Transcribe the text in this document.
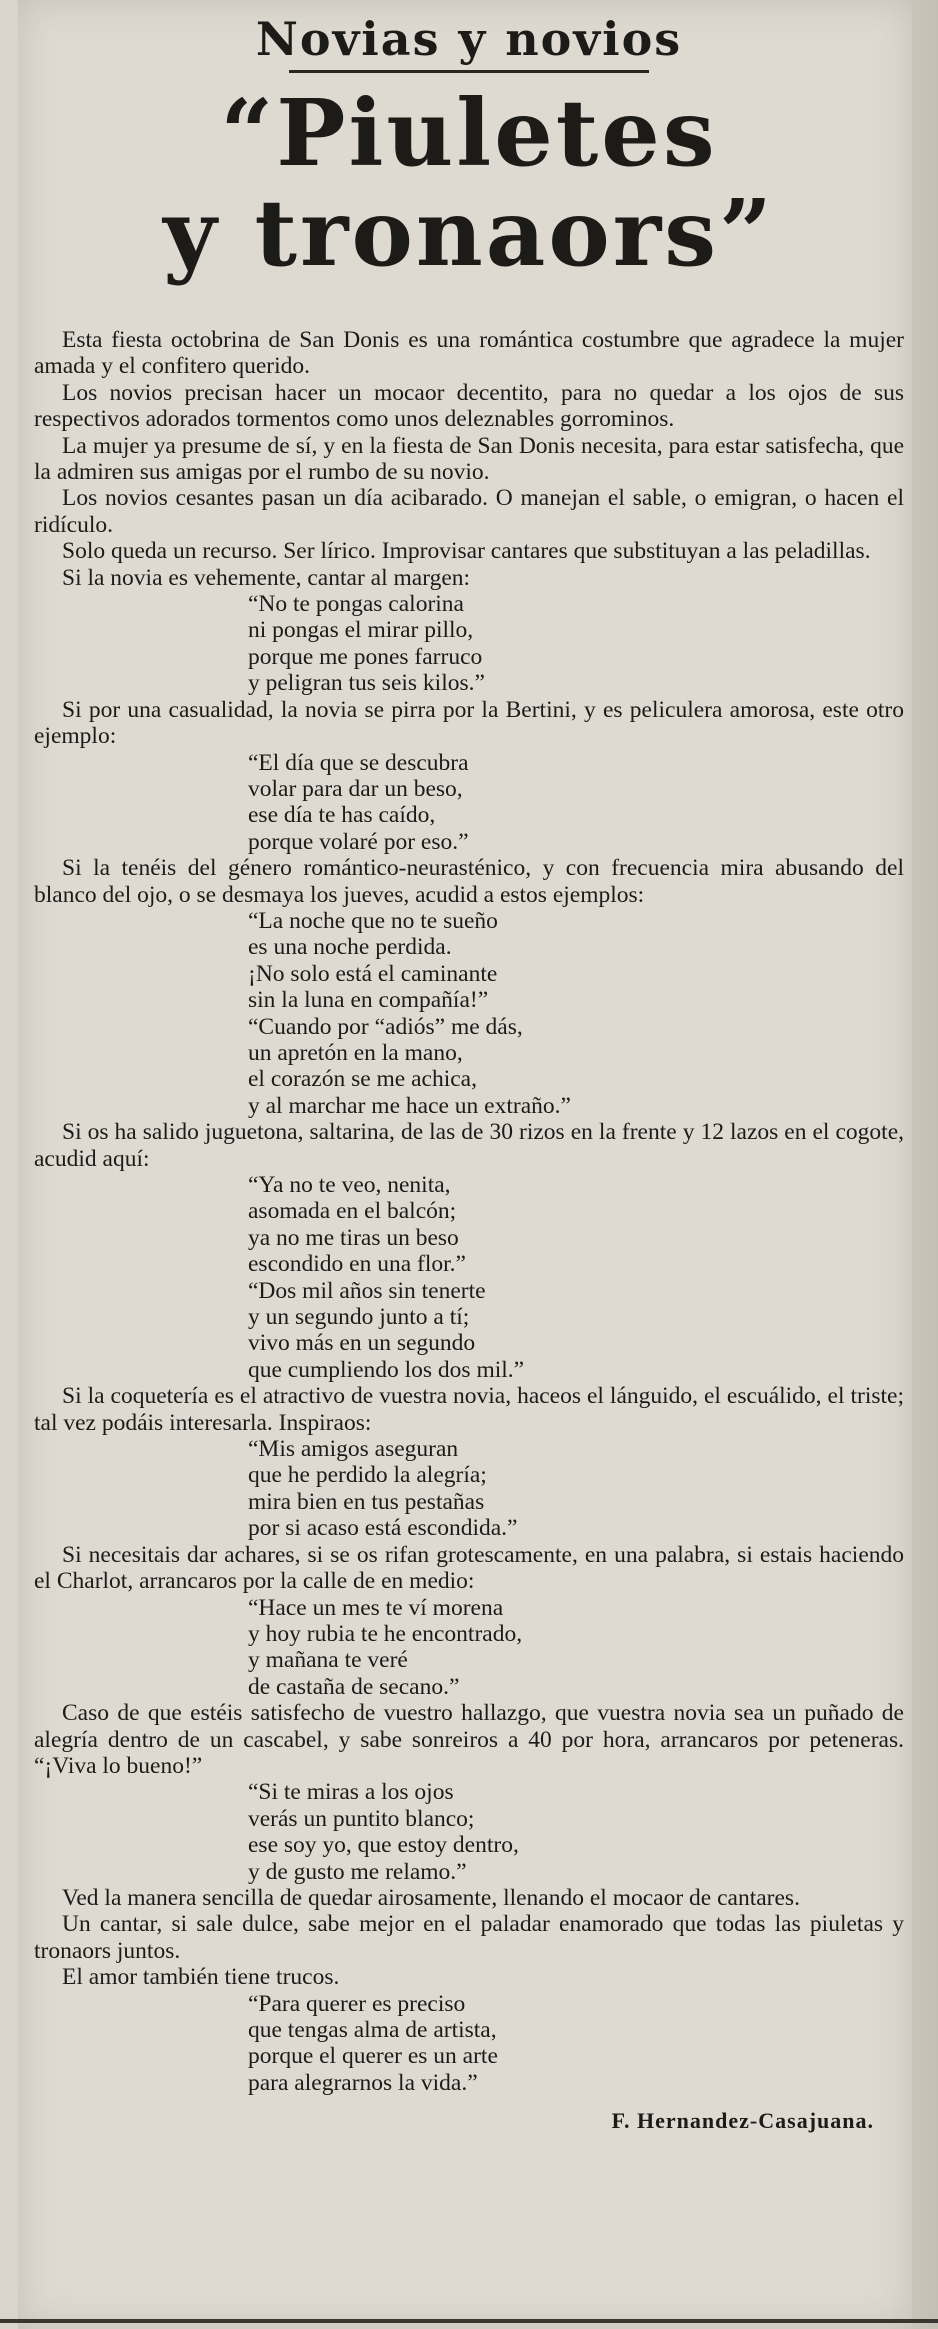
Novias y novios
“Piuletes
y tronaors”

Esta fiesta octobrina de San Donis es una romántica costumbre que agradece la mujer amada y el confitero querido.

Los novios precisan hacer un mocaor decentito, para no quedar a los ojos de sus respectivos adorados tormentos como unos deleznables gorrominos.

La mujer ya presume de sí, y en la fiesta de San Donis necesita, para estar satisfecha, que la admiren sus amigas por el rumbo de su novio.

Los novios cesantes pasan un día acibarado. O manejan el sable, o emigran, o hacen el ridículo.

Solo queda un recurso. Ser lírico. Improvisar cantares que substituyan a las peladillas.

Si la novia es vehemente, cantar al margen:

“No te pongas calorina
ni pongas el mirar pillo,
porque me pones farruco
y peligran tus seis kilos.”

Si por una casualidad, la novia se pirra por la Bertini, y es peliculera amorosa, este otro ejemplo:

“El día que se descubra
volar para dar un beso,
ese día te has caído,
porque volaré por eso.”

Si la tenéis del género romántico-neurasténico, y con frecuencia mira abusando del blanco del ojo, o se desmaya los jueves, acudid a estos ejemplos:

“La noche que no te sueño
es una noche perdida.
¡No solo está el caminante
sin la luna en compañía!”
“Cuando por “adiós” me dás,
un apretón en la mano,
el corazón se me achica,
y al marchar me hace un extraño.”

Si os ha salido juguetona, saltarina, de las de 30 rizos en la frente y 12 lazos en el cogote, acudid aquí:

“Ya no te veo, nenita,
asomada en el balcón;
ya no me tiras un beso
escondido en una flor.”
“Dos mil años sin tenerte
y un segundo junto a tí;
vivo más en un segundo
que cumpliendo los dos mil.”

Si la coquetería es el atractivo de vuestra novia, haceos el lánguido, el escuálido, el triste; tal vez podáis interesarla. Inspiraos:

“Mis amigos aseguran
que he perdido la alegría;
mira bien en tus pestañas
por si acaso está escondida.”

Si necesitais dar achares, si se os rifan grotescamente, en una palabra, si estais haciendo el Charlot, arrancaros por la calle de en medio:

“Hace un mes te ví morena
y hoy rubia te he encontrado,
y mañana te veré
de castaña de secano.”

Caso de que estéis satisfecho de vuestro hallazgo, que vuestra novia sea un puñado de alegría dentro de un cascabel, y sabe sonreiros a 40 por hora, arrancaros por peteneras. “¡Viva lo bueno!”

“Si te miras a los ojos
verás un puntito blanco;
ese soy yo, que estoy dentro,
y de gusto me relamo.”

Ved la manera sencilla de quedar airosamente, llenando el mocaor de cantares.

Un cantar, si sale dulce, sabe mejor en el paladar enamorado que todas las piuletas y tronaors juntos.

El amor también tiene trucos.

“Para querer es preciso
que tengas alma de artista,
porque el querer es un arte
para alegrarnos la vida.”
F. Hernandez-Casajuana.
